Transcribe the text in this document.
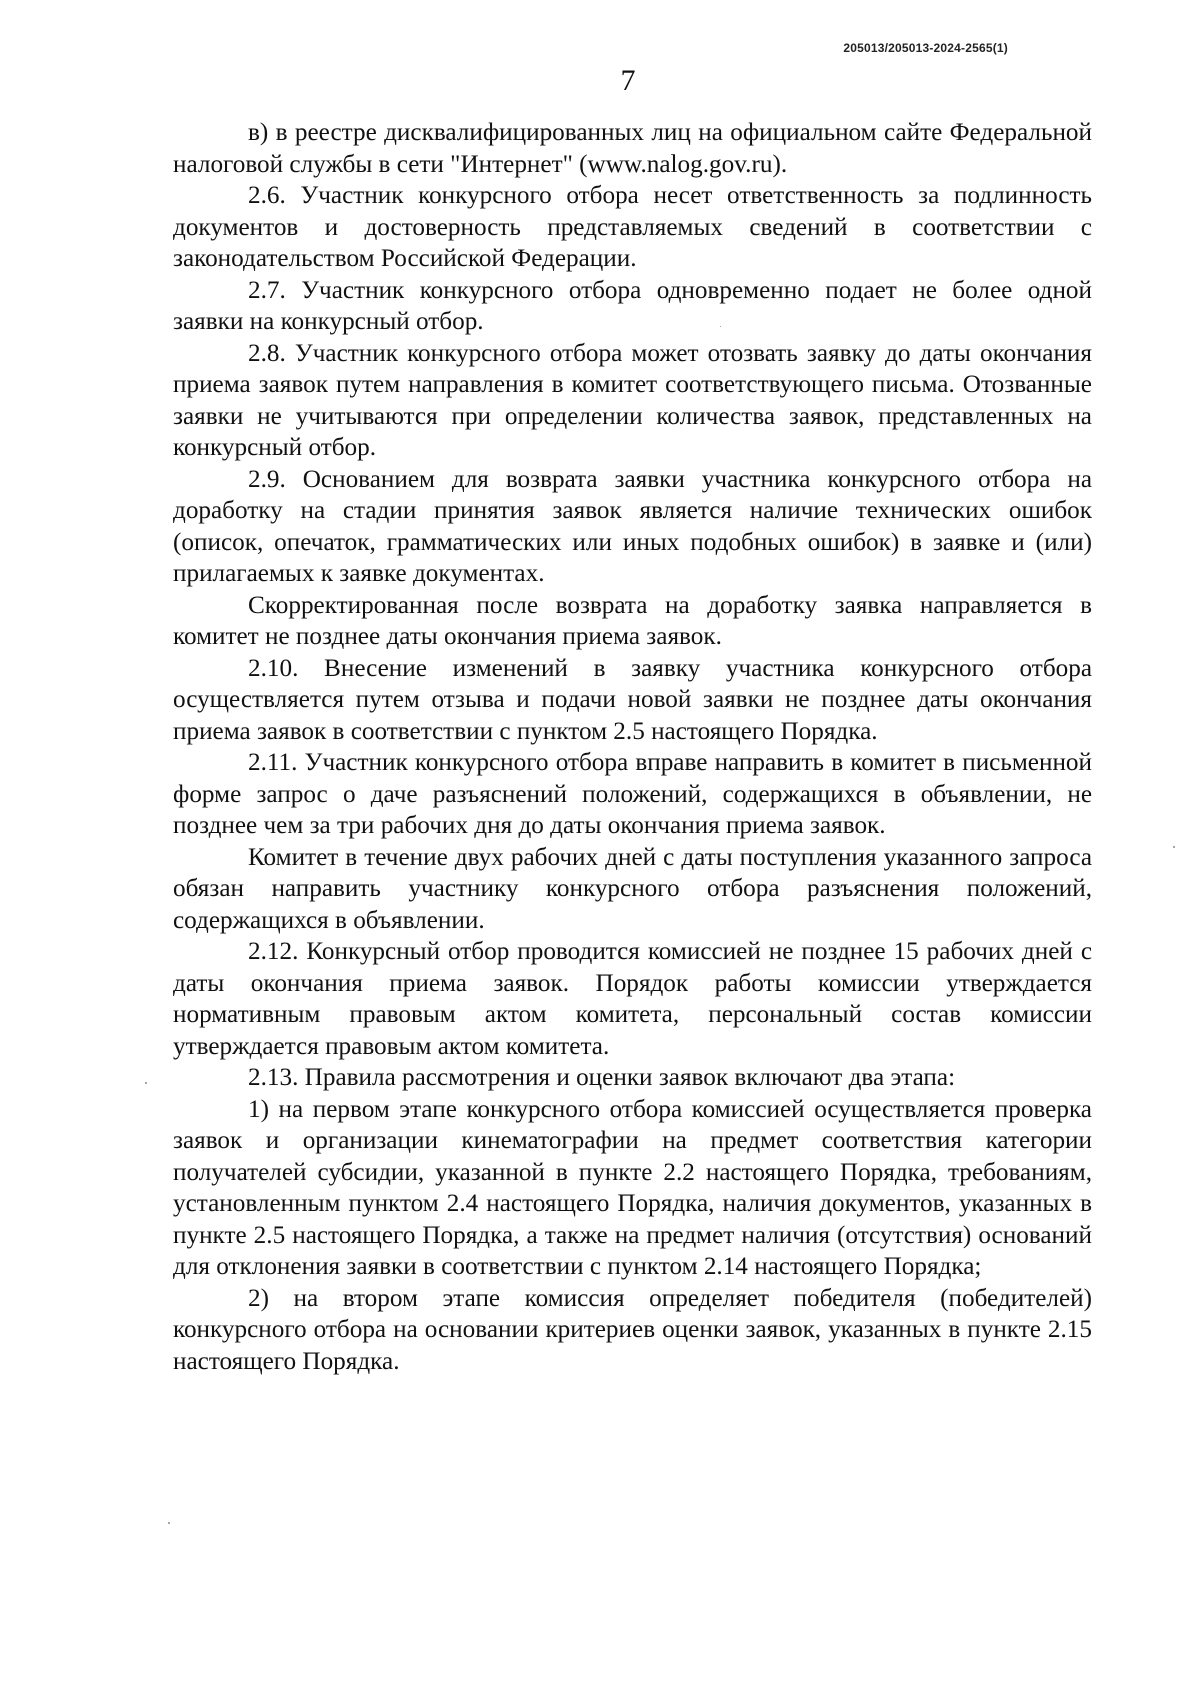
205013/205013-2024-2565(1)
7

в) в реестре дисквалифицированных лиц на официальном сайте Федеральной налоговой службы в сети "Интернет" (www.nalog.gov.ru).

2.6. Участник конкурсного отбора несет ответственность за подлинность документов и достоверность представляемых сведений в соответствии с законодательством Российской Федерации.

2.7. Участник конкурсного отбора одновременно подает не более одной заявки на конкурсный отбор.

2.8. Участник конкурсного отбора может отозвать заявку до даты окончания приема заявок путем направления в комитет соответствующего письма. Отозванные заявки не учитываются при определении количества заявок, представленных на конкурсный отбор.

2.9. Основанием для возврата заявки участника конкурсного отбора на доработку на стадии принятия заявок является наличие технических ошибок (описок, опечаток, грамматических или иных подобных ошибок) в заявке и (или) прилагаемых к заявке документах.

Скорректированная после возврата на доработку заявка направляется в комитет не позднее даты окончания приема заявок.

2.10. Внесение изменений в заявку участника конкурсного отбора осуществляется путем отзыва и подачи новой заявки не позднее даты окончания приема заявок в соответствии с пунктом 2.5 настоящего Порядка.

2.11. Участник конкурсного отбора вправе направить в комитет в письменной форме запрос о даче разъяснений положений, содержащихся в объявлении, не позднее чем за три рабочих дня до даты окончания приема заявок.

Комитет в течение двух рабочих дней с даты поступления указанного запроса обязан направить участнику конкурсного отбора разъяснения положений, содержащихся в объявлении.

2.12. Конкурсный отбор проводится комиссией не позднее 15 рабочих дней с даты окончания приема заявок. Порядок работы комиссии утверждается нормативным правовым актом комитета, персональный состав комиссии утверждается правовым актом комитета.

2.13. Правила рассмотрения и оценки заявок включают два этапа:

1) на первом этапе конкурсного отбора комиссией осуществляется проверка заявок и организации кинематографии на предмет соответствия категории получателей субсидии, указанной в пункте 2.2 настоящего Порядка, требованиям, установленным пунктом 2.4 настоящего Порядка, наличия документов, указанных в пункте 2.5 настоящего Порядка, а также на предмет наличия (отсутствия) оснований для отклонения заявки в соответствии с пунктом 2.14 настоящего Порядка;

2) на втором этапе комиссия определяет победителя (победителей) конкурсного отбора на основании критериев оценки заявок, указанных в пункте 2.15 настоящего Порядка.
